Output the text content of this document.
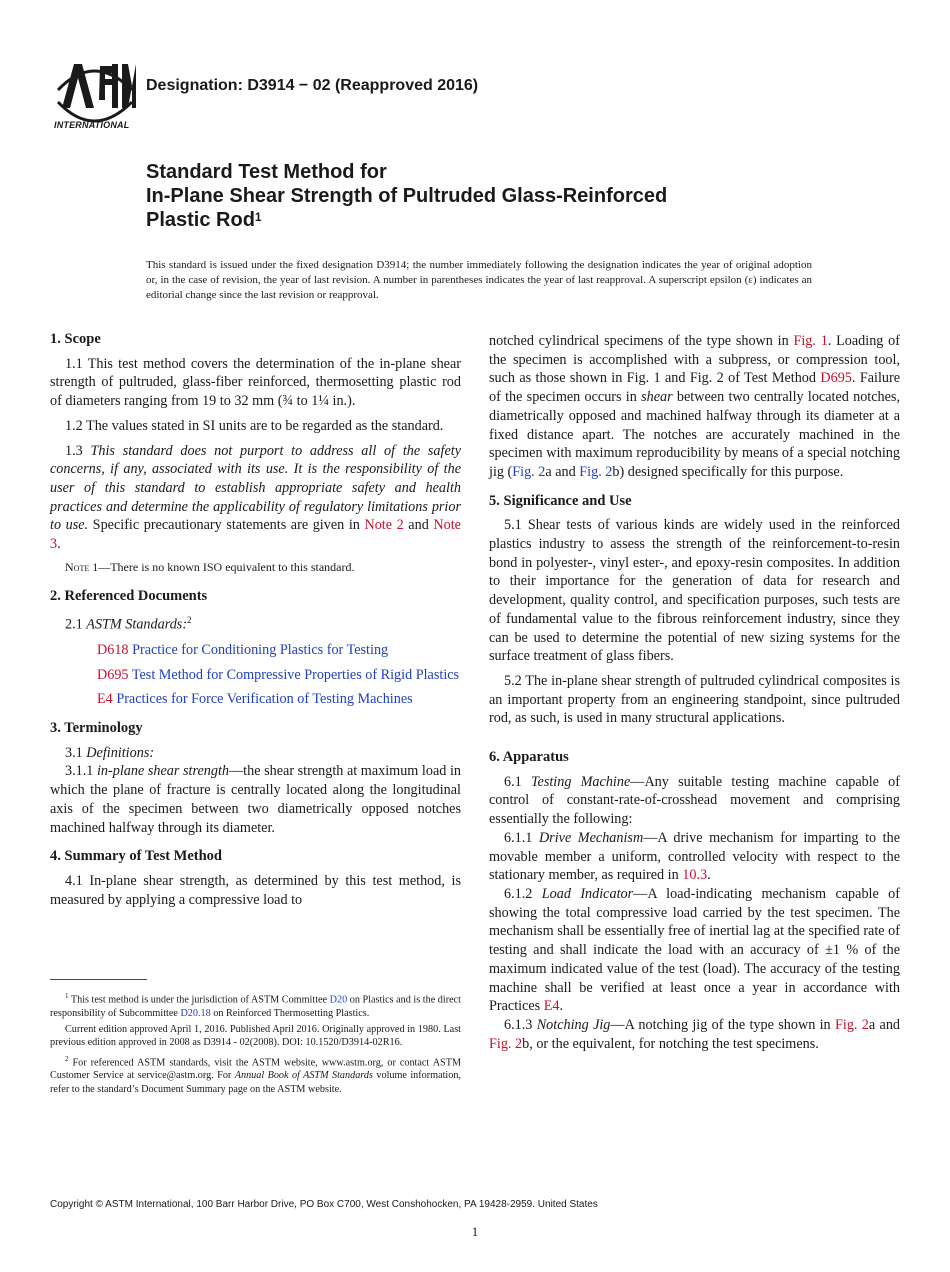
INTERNATIONAL
Designation: D3914 − 02 (Reapproved 2016)
Standard Test Method for
In-Plane Shear Strength of Pultruded Glass-Reinforced
Plastic Rod$^1$
This standard is issued under the fixed designation D3914; the number immediately following the designation indicates the year of original adoption or, in the case of revision, the year of last revision. A number in parentheses indicates the year of last reapproval. A superscript epsilon (ε) indicates an editorial change since the last revision or reapproval.
1. Scope

1.1 This test method covers the determination of the in-plane shear strength of pultruded, glass-fiber reinforced, thermosetting plastic rod of diameters ranging from 19 to 32 mm (¾ to 1¼ in.).

1.2 The values stated in SI units are to be regarded as the standard.

1.3 This standard does not purport to address all of the safety concerns, if any, associated with its use. It is the responsibility of the user of this standard to establish appropriate safety and health practices and determine the applicability of regulatory limitations prior to use. Specific precautionary statements are given in Note 2 and Note 3.

Note 1—There is no known ISO equivalent to this standard.
2. Referenced Documents

2.1 ASTM Standards:$^2$

D618 Practice for Conditioning Plastics for Testing

D695 Test Method for Compressive Properties of Rigid Plastics

E4 Practices for Force Verification of Testing Machines

3. Terminology

3.1 Definitions:

3.1.1 in-plane shear strength—the shear strength at maximum load in which the plane of fracture is centrally located along the longitudinal axis of the specimen between two diametrically opposed notches machined halfway through its diameter.

4. Summary of Test Method

4.1 In-plane shear strength, as determined by this test method, is measured by applying a compressive load to

notched cylindrical specimens of the type shown in Fig. 1. Loading of the specimen is accomplished with a subpress, or compression tool, such as those shown in Fig. 1 and Fig. 2 of Test Method D695. Failure of the specimen occurs in shear between two centrally located notches, diametrically opposed and machined halfway through its diameter at a fixed distance apart. The notches are accurately machined in the specimen with maximum reproducibility by means of a special notching jig (Fig. 2a and Fig. 2b) designed specifically for this purpose.

5. Significance and Use

5.1 Shear tests of various kinds are widely used in the reinforced plastics industry to assess the strength of the reinforcement-to-resin bond in polyester-, vinyl ester-, and epoxy-resin composites. In addition to their importance for the generation of data for research and development, quality control, and specification purposes, such tests are of fundamental value to the fibrous reinforcement industry, since they can be used to determine the potential of new sizing systems for the surface treatment of glass fibers.

5.2 The in-plane shear strength of pultruded cylindrical composites is an important property from an engineering standpoint, since pultruded rod, as such, is used in many structural applications.

6. Apparatus

6.1 Testing Machine—Any suitable testing machine capable of control of constant-rate-of-crosshead movement and comprising essentially the following:

6.1.1 Drive Mechanism—A drive mechanism for imparting to the movable member a uniform, controlled velocity with respect to the stationary member, as required in 10.3.

6.1.2 Load Indicator—A load-indicating mechanism capable of showing the total compressive load carried by the test specimen. The mechanism shall be essentially free of inertial lag at the specified rate of testing and shall indicate the load with an accuracy of ±1 % of the maximum indicated value of the test (load). The accuracy of the testing machine shall be verified at least once a year in accordance with Practices E4.

6.1.3 Notching Jig—A notching jig of the type shown in Fig. 2a and Fig. 2b, or the equivalent, for notching the test specimens.

$^1$ This test method is under the jurisdiction of ASTM Committee D20 on Plastics and is the direct responsibility of Subcommittee D20.18 on Reinforced Thermosetting Plastics.

Current edition approved April 1, 2016. Published April 2016. Originally approved in 1980. Last previous edition approved in 2008 as D3914 - 02(2008). DOI: 10.1520/D3914-02R16.

$^2$ For referenced ASTM standards, visit the ASTM website, www.astm.org, or contact ASTM Customer Service at service@astm.org. For Annual Book of ASTM Standards volume information, refer to the standard’s Document Summary page on the ASTM website.

Copyright © ASTM International, 100 Barr Harbor Drive, PO Box C700, West Conshohocken, PA 19428-2959. United States
1
